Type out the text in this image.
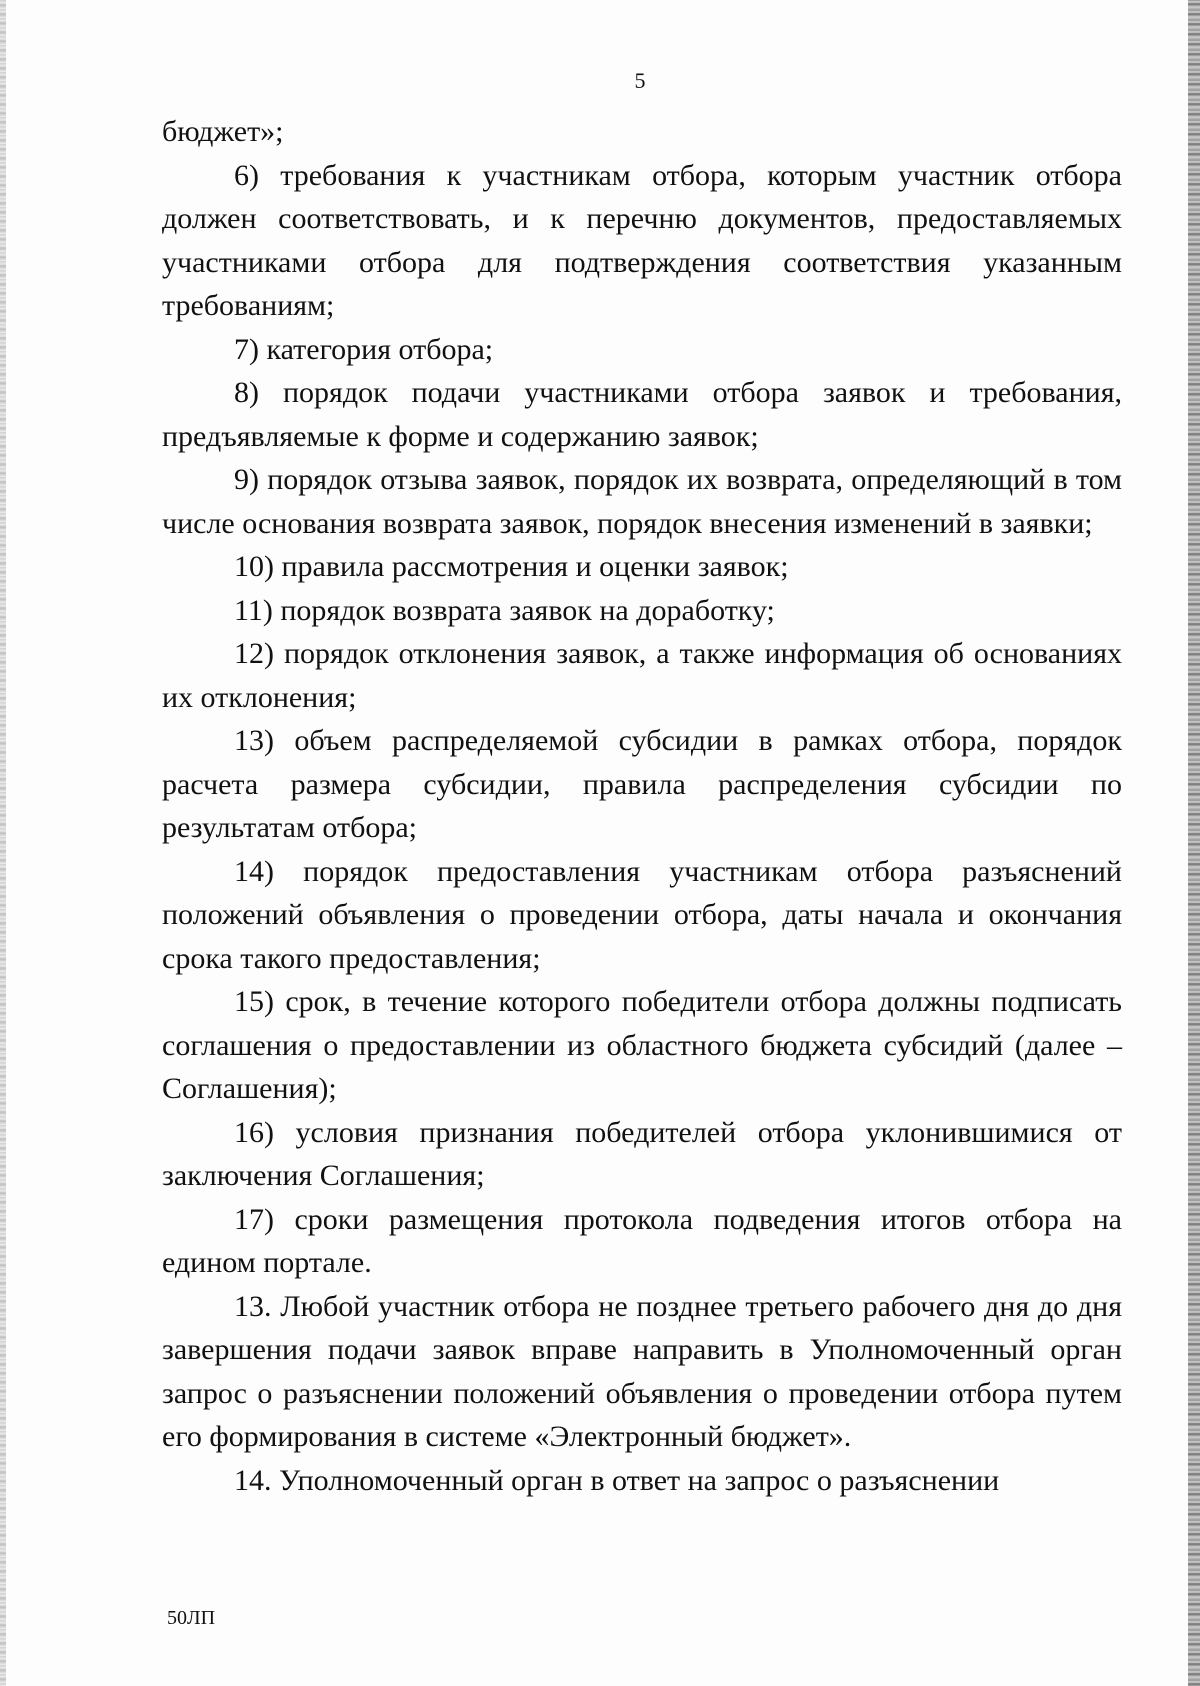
5

бюджет»;

6) требования к участникам отбора, которым участник отбора должен соответствовать, и к перечню документов, предоставляемых участниками отбора для подтверждения соответствия указанным требованиям;

7) категория отбора;

8) порядок подачи участниками отбора заявок и требования, предъявляемые к форме и содержанию заявок;

9) порядок отзыва заявок, порядок их возврата, определяющий в том числе основания возврата заявок, порядок внесения изменений в заявки;

10) правила рассмотрения и оценки заявок;

11) порядок возврата заявок на доработку;

12) порядок отклонения заявок, а также информация об основаниях их отклонения;

13) объем распределяемой субсидии в рамках отбора, порядок расчета размера субсидии, правила распределения субсидии по результатам отбора;

14) порядок предоставления участникам отбора разъяснений положений объявления о проведении отбора, даты начала и окончания срока такого предоставления;

15) срок, в течение которого победители отбора должны подписать соглашения о предоставлении из областного бюджета субсидий (далее – Соглашения);

16) условия признания победителей отбора уклонившимися от заключения Соглашения;

17) сроки размещения протокола подведения итогов отбора на едином портале.

13. Любой участник отбора не позднее третьего рабочего дня до дня завершения подачи заявок вправе направить в Уполномоченный орган запрос о разъяснении положений объявления о проведении отбора путем его формирования в системе «Электронный бюджет».

14. Уполномоченный орган в ответ на запрос о разъяснении

50ЛП
